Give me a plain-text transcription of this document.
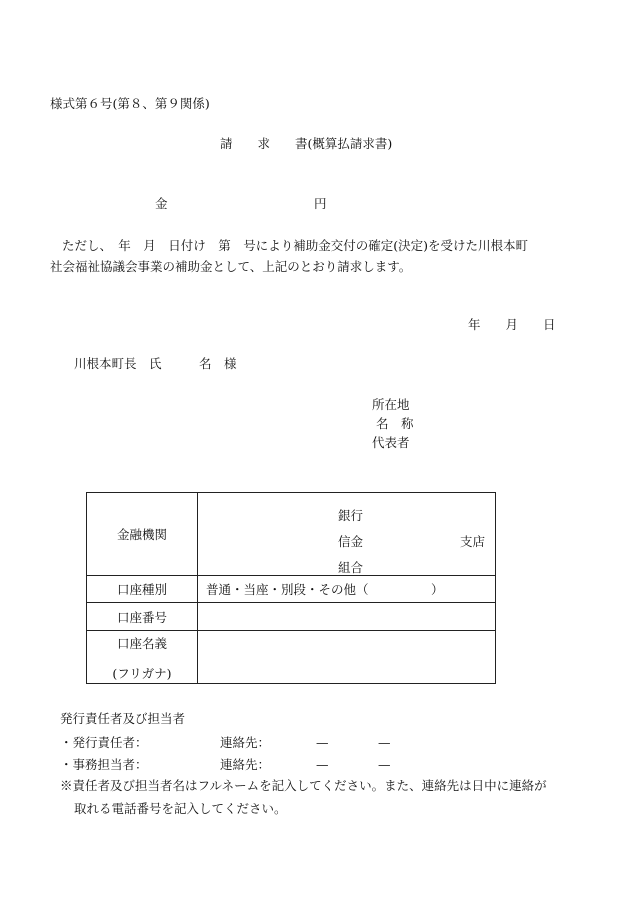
様式第６号(第８、第９関係)
請　　求　　書(概算払請求書)
金	円
ただし、　年　月　日付け　第　号により補助金交付の確定(決定)を受けた川根本町
社会福祉協議会事業の補助金として、上記のとおり請求します。
年　　月　　日
川根本町長　氏　　　名　様
所在地
名　称
代表者
金融機関	銀行
信金
組合
支店

口座種別	普通・当座・別段・その他（　　　　　）
口座番号	

口座名義
(フリガナ)	

発行責任者及び担当者
・発行責任者：	連絡先：	—	—
・事務担当者：	連絡先：	—	—
※責任者及び担当者名はフルネームを記入してください。また、連絡先は日中に連絡が
取れる電話番号を記入してください。
